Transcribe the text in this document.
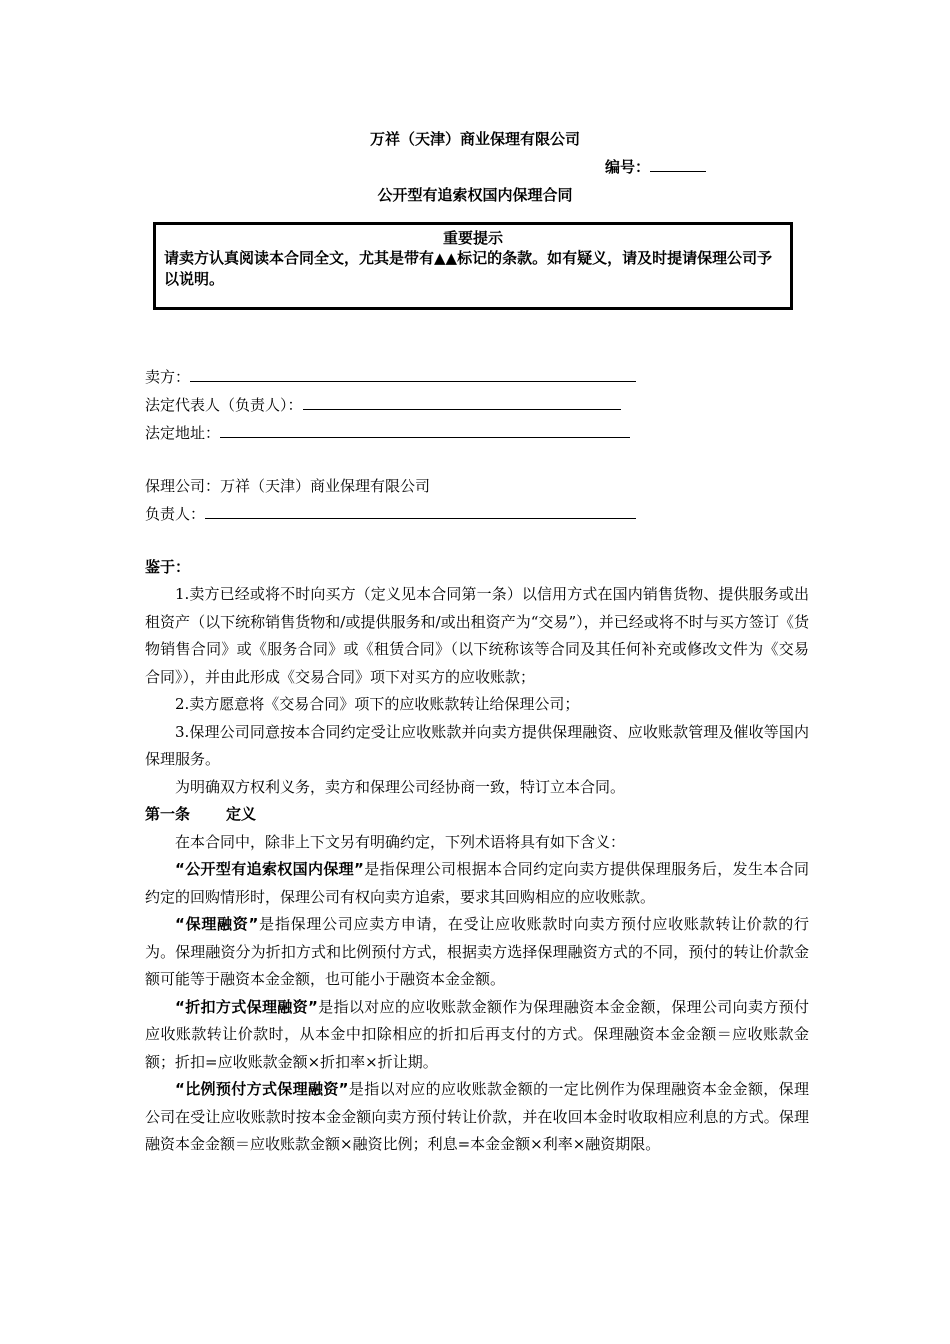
万祥（天津）商业保理有限公司
编号：
公开型有追索权国内保理合同
重要提示
请卖方认真阅读本合同全文，尤其是带有▲▲标记的条款。如有疑义，请及时提请保理公司予以说明。
卖方：
法定代表人（负责人）：
法定地址：
保理公司：万祥（天津）商业保理有限公司
负责人：
鉴于：
1.卖方已经或将不时向买方（定义见本合同第一条）以信用方式在国内销售货物、提供服务或出租资产（以下统称销售货物和/或提供服务和/或出租资产为“交易”），并已经或将不时与买方签订《货物销售合同》或《服务合同》或《租赁合同》（以下统称该等合同及其任何补充或修改文件为《交易合同》），并由此形成《交易合同》项下对买方的应收账款；
2.卖方愿意将《交易合同》项下的应收账款转让给保理公司；
3.保理公司同意按本合同约定受让应收账款并向卖方提供保理融资、应收账款管理及催收等国内保理服务。
为明确双方权利义务，卖方和保理公司经协商一致，特订立本合同。
第一条 定义
在本合同中，除非上下文另有明确约定，下列术语将具有如下含义：
“公开型有追索权国内保理”是指保理公司根据本合同约定向卖方提供保理服务后，发生本合同约定的回购情形时，保理公司有权向卖方追索，要求其回购相应的应收账款。
“保理融资”是指保理公司应卖方申请，在受让应收账款时向卖方预付应收账款转让价款的行为。保理融资分为折扣方式和比例预付方式，根据卖方选择保理融资方式的不同，预付的转让价款金额可能等于融资本金金额，也可能小于融资本金金额。
“折扣方式保理融资”是指以对应的应收账款金额作为保理融资本金金额，保理公司向卖方预付应收账款转让价款时，从本金中扣除相应的折扣后再支付的方式。保理融资本金金额＝应收账款金额；折扣=应收账款金额×折扣率×折让期。
“比例预付方式保理融资”是指以对应的应收账款金额的一定比例作为保理融资本金金额，保理公司在受让应收账款时按本金金额向卖方预付转让价款，并在收回本金时收取相应利息的方式。保理融资本金金额＝应收账款金额×融资比例；利息=本金金额×利率×融资期限。
